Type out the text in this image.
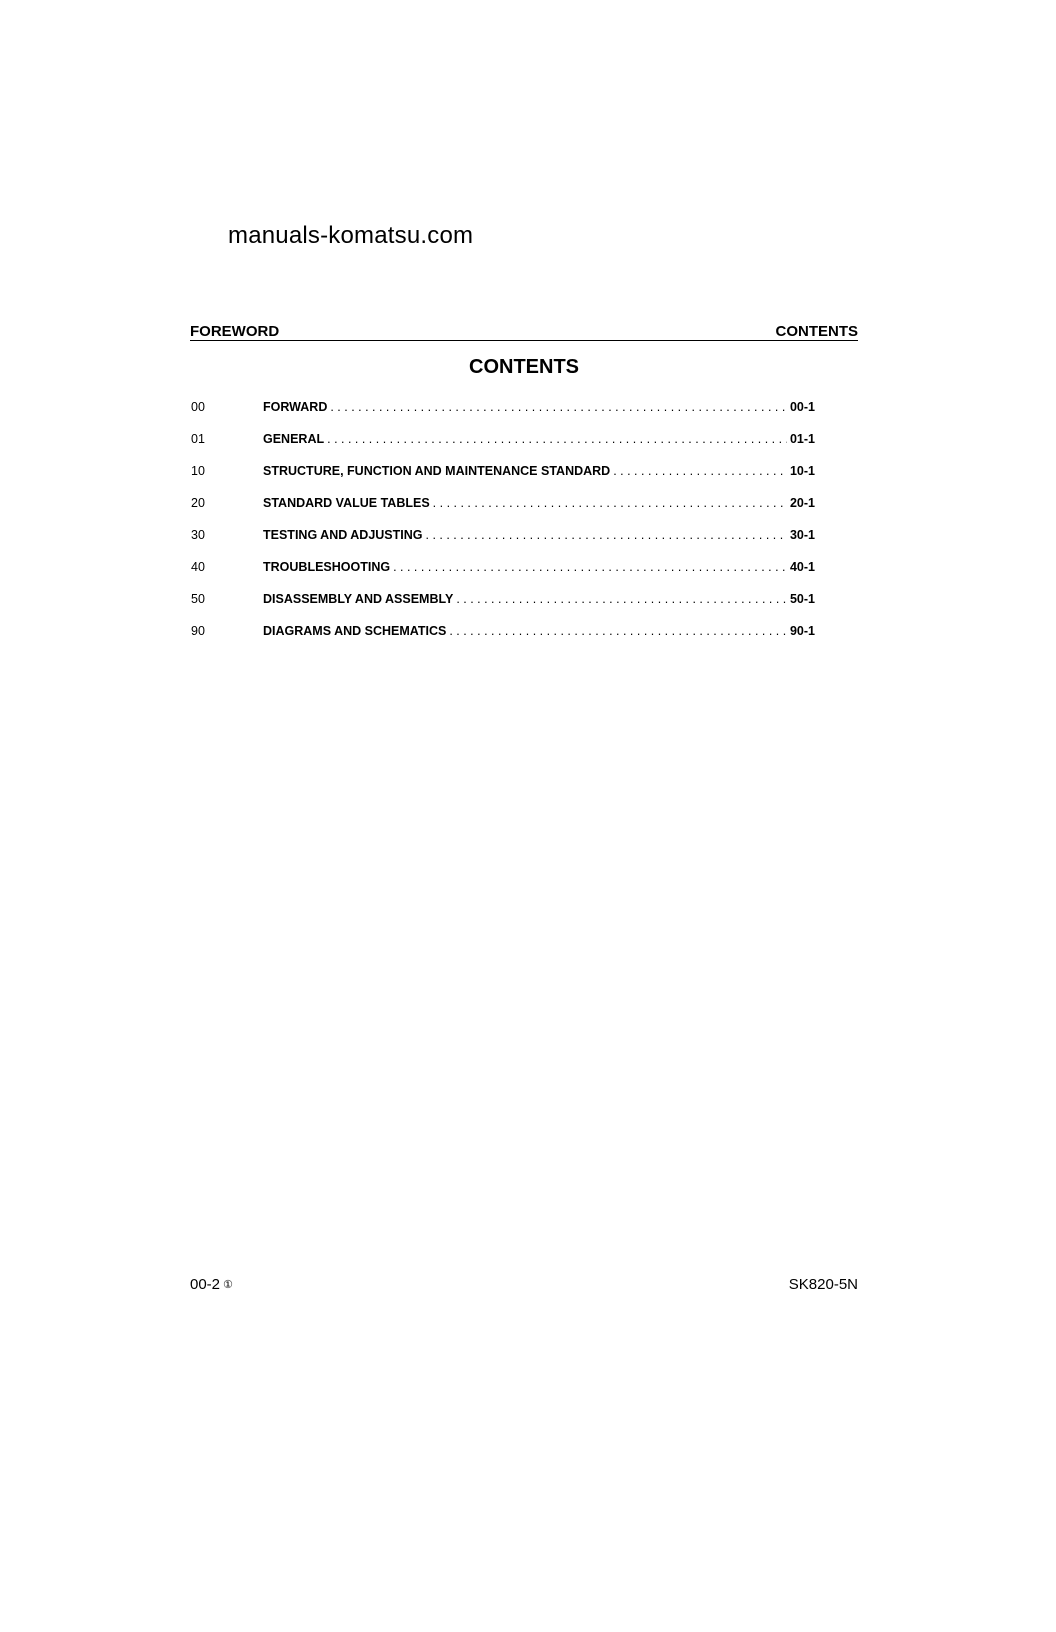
manuals-komatsu.com
FOREWORD	CONTENTS
CONTENTS
00	FORWARD . . .	00-1
01	GENERAL . . .	01-1
10	STRUCTURE, FUNCTION AND MAINTENANCE STANDARD . . .	10-1
20	STANDARD VALUE TABLES . . .	20-1
30	TESTING AND ADJUSTING . . .	30-1
40	TROUBLESHOOTING . . .	40-1
50	DISASSEMBLY AND ASSEMBLY . . .	50-1
90	DIAGRAMS AND SCHEMATICS . . .	90-1
00-2 ①	SK820-5N
